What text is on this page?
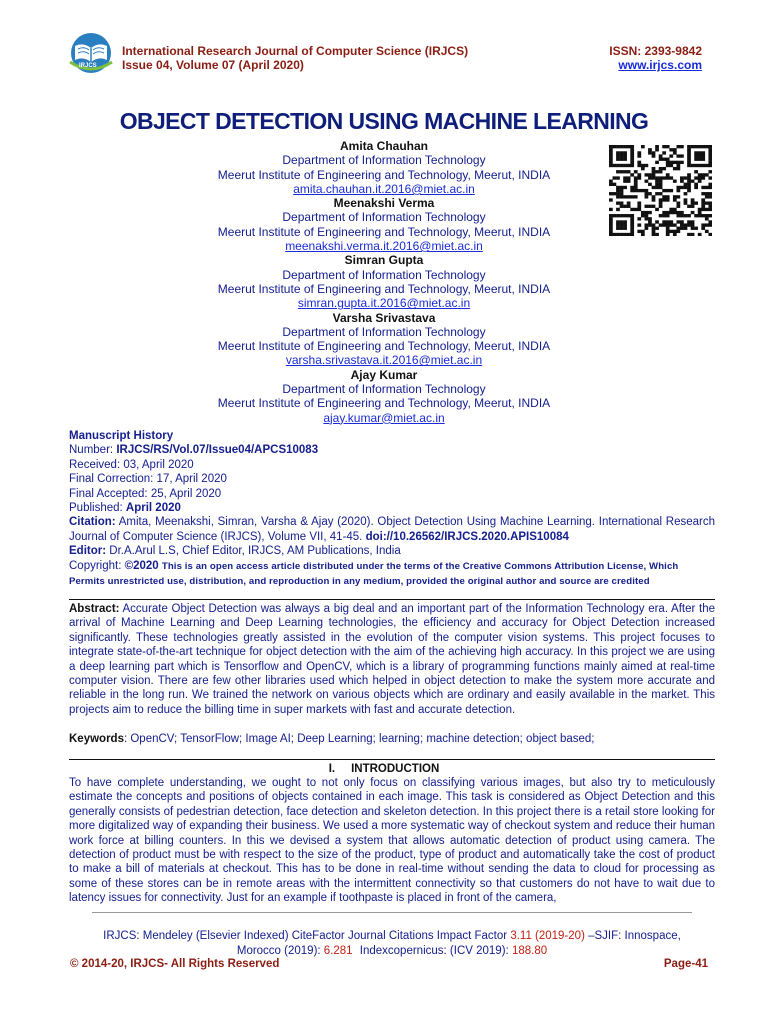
IRJCS
International Research Journal of Computer Science (IRJCS)
Issue 04, Volume 07 (April 2020)
ISSN: 2393-9842
www.irjcs.com
OBJECT DETECTION USING MACHINE LEARNING
Amita Chauhan
Department of Information Technology
Meerut Institute of Engineering and Technology, Meerut, INDIA
amita.chauhan.it.2016@miet.ac.in
Meenakshi Verma
Department of Information Technology
Meerut Institute of Engineering and Technology, Meerut, INDIA
meenakshi.verma.it.2016@miet.ac.in
Simran Gupta
Department of Information Technology
Meerut Institute of Engineering and Technology, Meerut, INDIA
simran.gupta.it.2016@miet.ac.in
Varsha Srivastava
Department of Information Technology
Meerut Institute of Engineering and Technology, Meerut, INDIA
varsha.srivastava.it.2016@miet.ac.in
Ajay Kumar
Department of Information Technology
Meerut Institute of Engineering and Technology, Meerut, INDIA
ajay.kumar@miet.ac.in
Manuscript History
Number: IRJCS/RS/Vol.07/Issue04/APCS10083
Received: 03, April 2020
Final Correction: 17, April 2020
Final Accepted: 25, April 2020
Published: April 2020
Citation: Amita, Meenakshi, Simran, Varsha & Ajay (2020). Object Detection Using Machine Learning. International Research Journal of Computer Science (IRJCS), Volume VII, 41-45. doi://10.26562/IRJCS.2020.APIS10084
Editor: Dr.A.Arul L.S, Chief Editor, IRJCS, AM Publications, India
Copyright: ©2020 This is an open access article distributed under the terms of the Creative Commons Attribution License, Which Permits unrestricted use, distribution, and reproduction in any medium, provided the original author and source are credited
Abstract: Accurate Object Detection was always a big deal and an important part of the Information Technology era. After the arrival of Machine Learning and Deep Learning technologies, the efficiency and accuracy for Object Detection increased significantly. These technologies greatly assisted in the evolution of the computer vision systems. This project focuses to integrate state-of-the-art technique for object detection with the aim of the achieving high accuracy. In this project we are using a deep learning part which is Tensorflow and OpenCV, which is a library of programming functions mainly aimed at real-time computer vision. There are few other libraries used which helped in object detection to make the system more accurate and reliable in the long run. We trained the network on various objects which are ordinary and easily available in the market. This projects aim to reduce the billing time in super markets with fast and accurate detection.
Keywords: OpenCV; TensorFlow; Image AI; Deep Learning; learning; machine detection; object based;
I.     INTRODUCTION
To have complete understanding, we ought to not only focus on classifying various images, but also try to meticulously estimate the concepts and positions of objects contained in each image. This task is considered as Object Detection and this generally consists of pedestrian detection, face detection and skeleton detection. In this project there is a retail store looking for more digitalized way of expanding their business. We used a more systematic way of checkout system and reduce their human work force at billing counters. In this we devised a system that allows automatic detection of product using camera. The detection of product must be with respect to the size of the product, type of product and automatically take the cost of product to make a bill of materials at checkout. This has to be done in real-time without sending the data to cloud for processing as some of these stores can be in remote areas with the intermittent connectivity so that customers do not have to wait due to latency issues for connectivity. Just for an example if toothpaste is placed in front of the camera,
IRJCS: Mendeley (Elsevier Indexed) CiteFactor Journal Citations Impact Factor 3.11 (2019-20) –SJIF: Innospace,
Morocco (2019): 6.281 Indexcopernicus: (ICV 2019): 188.80
© 2014-20, IRJCS- All Rights Reserved	Page-41
